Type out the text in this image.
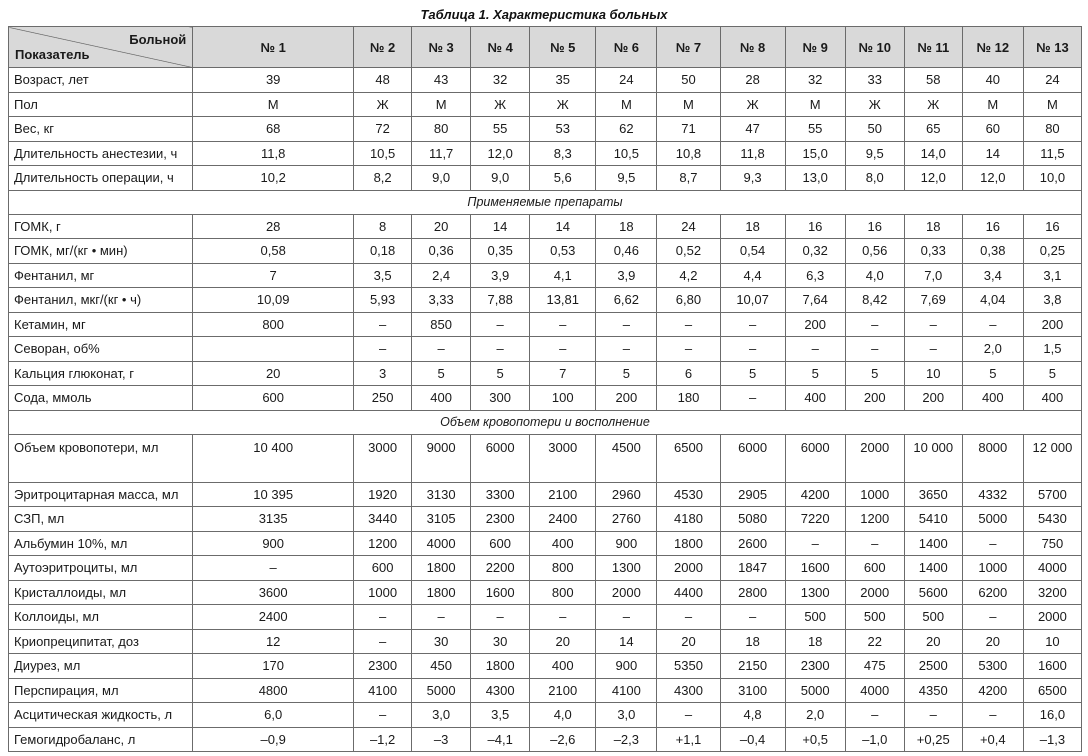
Таблица 1. Характеристика больных
Больной
Показатель	№ 1	№ 2	№ 3	№ 4	№ 5	№ 6	№ 7	№ 8	№ 9	№ 10	№ 11	№ 12	№ 13
Возраст, лет	39	48	43	32	35	24	50	28	32	33	58	40	24
Пол	М	Ж	М	Ж	Ж	М	М	Ж	М	Ж	Ж	М	М
Вес, кг	68	72	80	55	53	62	71	47	55	50	65	60	80
Длительность анестезии, ч	11,8	10,5	11,7	12,0	8,3	10,5	10,8	11,8	15,0	9,5	14,0	14	11,5
Длительность операции, ч	10,2	8,2	9,0	9,0	5,6	9,5	8,7	9,3	13,0	8,0	12,0	12,0	10,0
Применяемые препараты													
ГОМК, г	28	8	20	14	14	18	24	18	16	16	18	16	16
ГОМК, мг/(кг • мин)	0,58	0,18	0,36	0,35	0,53	0,46	0,52	0,54	0,32	0,56	0,33	0,38	0,25
Фентанил, мг	7	3,5	2,4	3,9	4,1	3,9	4,2	4,4	6,3	4,0	7,0	3,4	3,1
Фентанил, мкг/(кг • ч)	10,09	5,93	3,33	7,88	13,81	6,62	6,80	10,07	7,64	8,42	7,69	4,04	3,8
Кетамин, мг	800	–	850	–	–	–	–	–	200	–	–	–	200
Севоран, об%		–	–	–	–	–	–	–	–	–	–	2,0	1,5
Кальция глюконат, г	20	3	5	5	7	5	6	5	5	5	10	5	5
Сода, ммоль	600	250	400	300	100	200	180	–	400	200	200	400	400
Объем кровопотери и восполнение													
Объем кровопотери, мл	10 400	3000	9000	6000	3000	4500	6500	6000	6000	2000	10 000	8000	12 000
Эритроцитарная масса, мл	10 395	1920	3130	3300	2100	2960	4530	2905	4200	1000	3650	4332	5700
СЗП, мл	3135	3440	3105	2300	2400	2760	4180	5080	7220	1200	5410	5000	5430
Альбумин 10%, мл	900	1200	4000	600	400	900	1800	2600	–	–	1400	–	750
Аутоэритроциты, мл	–	600	1800	2200	800	1300	2000	1847	1600	600	1400	1000	4000
Кристаллоиды, мл	3600	1000	1800	1600	800	2000	4400	2800	1300	2000	5600	6200	3200
Коллоиды, мл	2400	–	–	–	–	–	–	–	500	500	500	–	2000
Криопреципитат, доз	12	–	30	30	20	14	20	18	18	22	20	20	10
Диурез, мл	170	2300	450	1800	400	900	5350	2150	2300	475	2500	5300	1600
Перспирация, мл	4800	4100	5000	4300	2100	4100	4300	3100	5000	4000	4350	4200	6500
Асцитическая жидкость, л	6,0	–	3,0	3,5	4,0	3,0	–	4,8	2,0	–	–	–	16,0
Гемогидробаланс, л	–0,9	–1,2	–3	–4,1	–2,6	–2,3	+1,1	–0,4	+0,5	–1,0	+0,25	+0,4	–1,3
